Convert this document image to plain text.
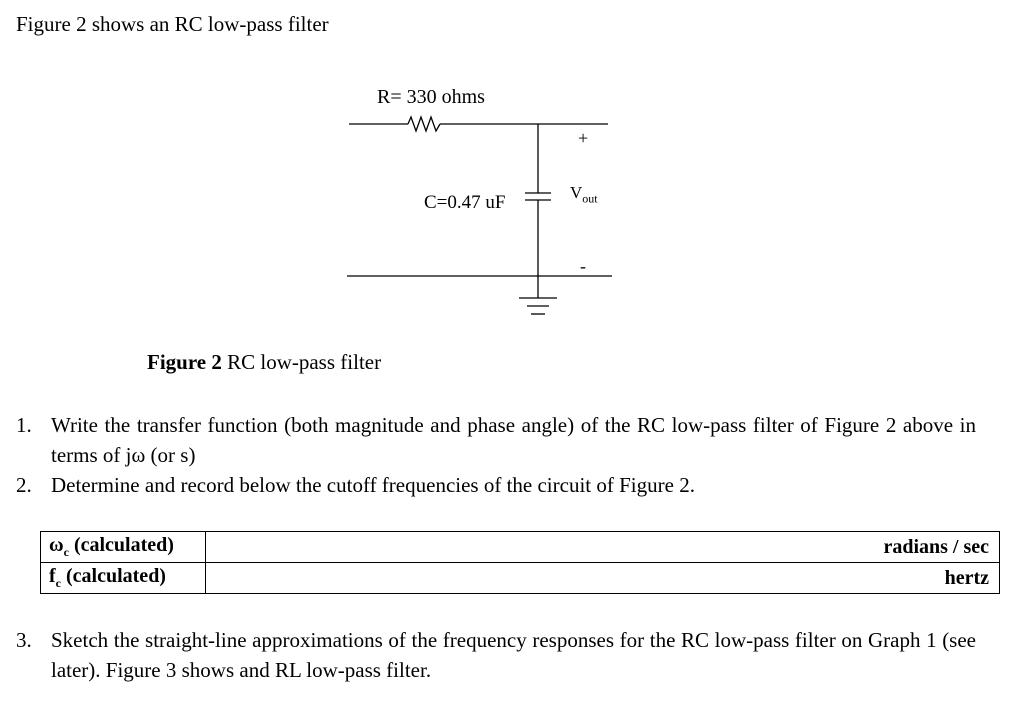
Figure 2 shows an RC low-pass filter
R= 330 ohms
C=0.47 uF
+
-
$V_{out}$
Figure 2 RC low-pass filter
1. Write the transfer function (both magnitude and phase angle) of the RC low-pass filter of Figure 2 above in terms of jω (or s)
2. Determine and record below the cutoff frequencies of the circuit of Figure 2.
$\omega_c$ (calculated)	radians / sec
$f_c$ (calculated)	hertz
3. Sketch the straight-line approximations of the frequency responses for the RC low-pass filter on Graph 1 (see later). Figure 3 shows and RL low-pass filter.
